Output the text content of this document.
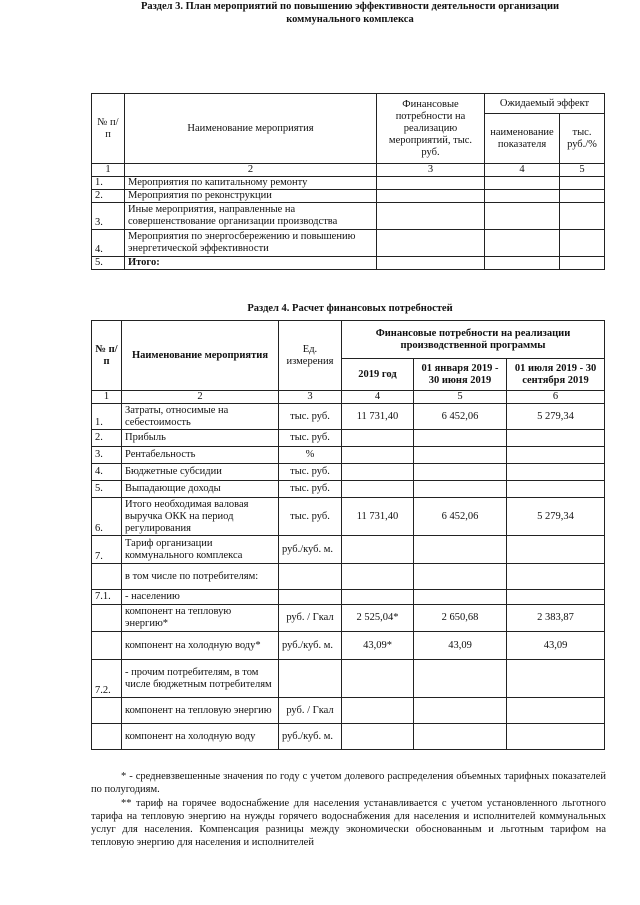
Раздел 3. План мероприятий по повышению эффективности деятельности организации
коммунального комплекса
№ п/п	Наименование мероприятия	Финансовые потребности на реализацию мероприятий, тыс. руб.	Ожидаемый эффект	
			наименование показателя	тыс. руб./%
1	2	3	4	5
1.	Мероприятия по капитальному ремонту			
2.	Мероприятия по реконструкции			
3.	Иные мероприятия, направленные на совершенствование организации производства			
4.	Мероприятия по энергосбережению и повышению энергетической эффективности			
5.	Итого:			
Раздел 4. Расчет финансовых потребностей
№ п/п	Наименование мероприятия	Ед. измерения	Финансовые потребности на реализации производственной программы		
			2019 год	01 января 2019 - 30 июня 2019	01 июля 2019 - 30 сентября 2019
1	2	3	4	5	6
1.	Затраты, относимые на себестоимость	тыс. руб.	11 731,40	6 452,06	5 279,34
2.	Прибыль	тыс. руб.			
3.	Рентабельность	%			
4.	Бюджетные субсидии	тыс. руб.			
5.	Выпадающие доходы	тыс. руб.			
6.	Итого необходимая валовая выручка ОКК на период регулирования	тыс. руб.	11 731,40	6 452,06	5 279,34
7.	Тариф организации коммунального комплекса	руб./куб. м.			
	в том числе по потребителям:				
7.1.	- населению				
	компонент на тепловую энергию*	руб. / Гкал	2 525,04*	2 650,68	2 383,87
	компонент на холодную воду*	руб./куб. м.	43,09*	43,09	43,09
7.2.	- прочим потребителям, в том числе бюджетным потребителям				
	компонент на тепловую энергию	руб. / Гкал			
	компонент на холодную воду	руб./куб. м.			

* - средневзвешенные значения по году с учетом долевого распределения объемных тарифных показателей по полугодиям.

** тариф на горячее водоснабжение для населения устанавливается с учетом установленного льготного тарифа на тепловую энергию на нужды горячего водоснабжения для населения и исполнителей коммунальных услуг для населения. Компенсация разницы между экономически обоснованным и льготным тарифом на тепловую энергию для населения и исполнителей
